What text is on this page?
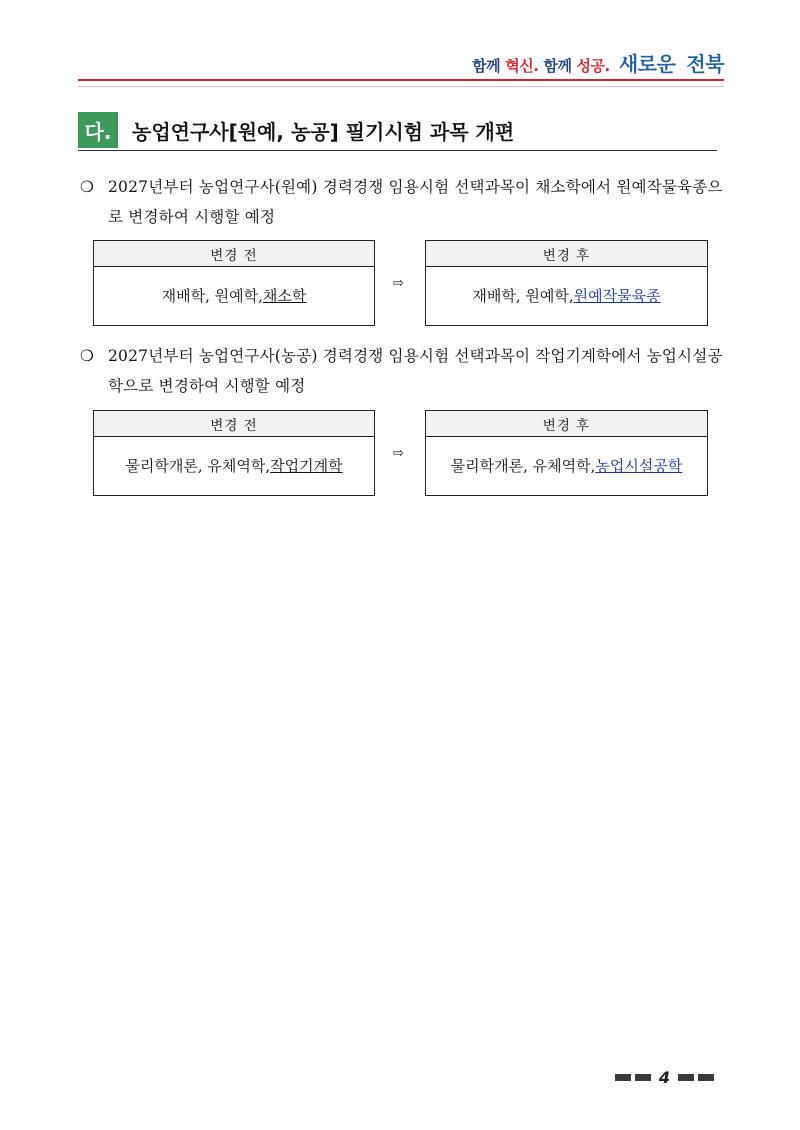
함께 혁신. 함께 성공. 새로운 전북
다.	농업연구사[원예, 농공] 필기시험 과목 개편
❍ 2027년부터 농업연구사(원예) 경력경쟁 임용시험 선택과목이 채소학에서 원예작물육종으로 변경하여 시행할 예정
변경 전
재배학, 원예학, 채소학
⇨
변경 후
재배학, 원예학, 원예작물육종
❍ 2027년부터 농업연구사(농공) 경력경쟁 임용시험 선택과목이 작업기계학에서 농업시설공학으로 변경하여 시행할 예정
변경 전
물리학개론, 유체역학, 작업기계학
⇨
변경 후
물리학개론, 유체역학, 농업시설공학
4
